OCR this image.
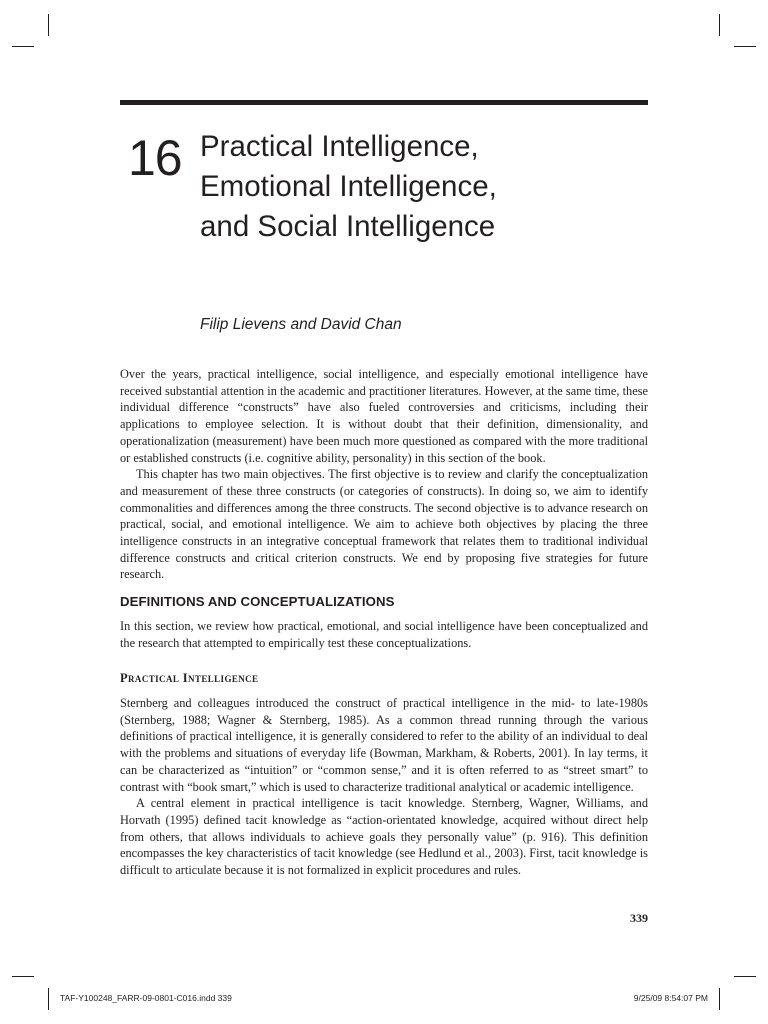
16 Practical Intelligence,
Emotional Intelligence,
and Social Intelligence
Filip Lievens and David Chan

Over the years, practical intelligence, social intelligence, and especially emotional intelligence have received substantial attention in the academic and practitioner literatures. However, at the same time, these individual difference “constructs” have also fueled controversies and criticisms, including their applications to employee selection. It is without doubt that their definition, dimensionality, and operationalization (measurement) have been much more questioned as compared with the more traditional or established constructs (i.e. cognitive ability, personality) in this section of the book.

This chapter has two main objectives. The first objective is to review and clarify the conceptualization and measurement of these three constructs (or categories of constructs). In doing so, we aim to identify commonalities and differences among the three constructs. The second objective is to advance research on practical, social, and emotional intelligence. We aim to achieve both objectives by placing the three intelligence constructs in an integrative conceptual framework that relates them to traditional individual difference constructs and critical criterion constructs. We end by proposing five strategies for future research.

DEFINITIONS AND CONCEPTUALIZATIONS

In this section, we review how practical, emotional, and social intelligence have been conceptualized and the research that attempted to empirically test these conceptualizations.

Practical Intelligence

Sternberg and colleagues introduced the construct of practical intelligence in the mid- to late-1980s (Sternberg, 1988; Wagner & Sternberg, 1985). As a common thread running through the various definitions of practical intelligence, it is generally considered to refer to the ability of an individual to deal with the problems and situations of everyday life (Bowman, Markham, & Roberts, 2001). In lay terms, it can be characterized as “intuition” or “common sense,” and it is often referred to as “street smart” to contrast with “book smart,” which is used to characterize traditional analytical or academic intelligence.

A central element in practical intelligence is tacit knowledge. Sternberg, Wagner, Williams, and Horvath (1995) defined tacit knowledge as “action-orientated knowledge, acquired without direct help from others, that allows individuals to achieve goals they personally value” (p. 916). This definition encompasses the key characteristics of tacit knowledge (see Hedlund et al., 2003). First, tacit knowledge is difficult to articulate because it is not formalized in explicit procedures and rules.

339
TAF-Y100248_FARR-09-0801-C016.indd 339	9/25/09 8:54:07 PM
